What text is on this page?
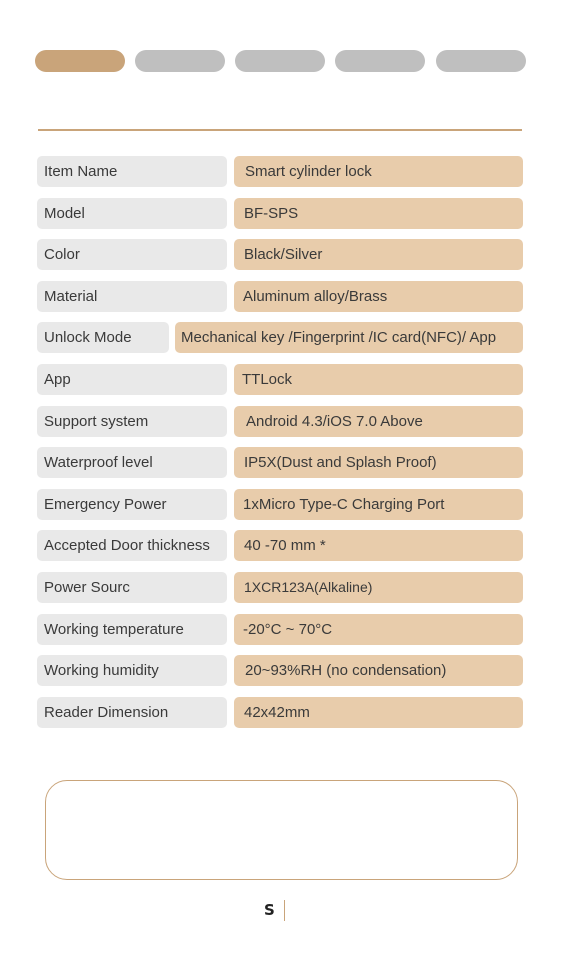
Item Name	Smart cylinder lock
Model	BF-SPS
Color	Black/Silver
Material	Aluminum alloy/Brass
Unlock Mode	Mechanical key /Fingerprint /IC card(NFC)/ App
App	TTLock
Support system	Android 4.3/iOS 7.0 Above
Waterproof level	IP5X(Dust and Splash Proof)
Emergency Power	1xMicro Type-C Charging Port
Accepted Door thickness	40 -70 mm *
Power Sourc	1XCR123A(Alkaline)
Working temperature	-20°C ~ 70°C
Working humidity	20~93%RH (no condensation)
Reader Dimension	42x42mm
S
